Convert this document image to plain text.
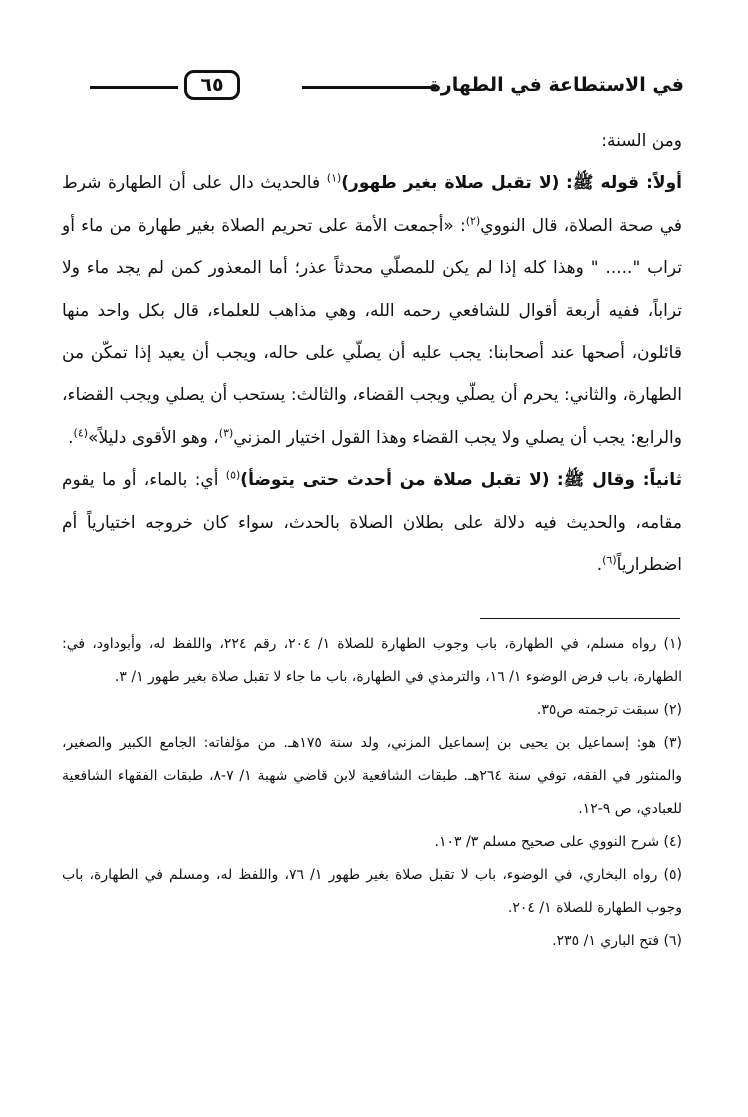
٦٥	في الاستطاعة في الطهارة

ومن السنة:

أولاً: قوله ﷺ: (لا تقبل صلاة بغير طهور)$^{(١)}$ فالحديث دال على أن الطهارة شرط في صحة الصلاة، قال النووي$^{(٢)}$: «أجمعت الأمة على تحريم الصلاة بغير طهارة من ماء أو تراب "..... " وهذا كله إذا لم يكن للمصلّي محدثاً عذر؛ أما المعذور كمن لم يجد ماء ولا تراباً، ففيه أربعة أقوال للشافعي رحمه الله، وهي مذاهب للعلماء، قال بكل واحد منها قائلون، أصحها عند أصحابنا: يجب عليه أن يصلّي على حاله، ويجب أن يعيد إذا تمكّن من الطهارة، والثاني: يحرم أن يصلّي ويجب القضاء، والثالث: يستحب أن يصلي ويجب القضاء، والرابع: يجب أن يصلي ولا يجب القضاء وهذا القول اختيار المزني$^{(٣)}$، وهو الأقوى دليلاً»$^{(٤)}$.

ثانياً: وقال ﷺ: (لا تقبل صلاة من أحدث حتى يتوضأ)$^{(٥)}$ أي: بالماء، أو ما يقوم مقامه، والحديث فيه دلالة على بطلان الصلاة بالحدث، سواء كان خروجه اختيارياً أم اضطرارياً$^{(٦)}$.

(١) رواه مسلم، في الطهارة، باب وجوب الطهارة للصلاة ١/ ٢٠٤، رقم ٢٢٤، واللفظ له، وأبوداود، في: الطهارة، باب فرض الوضوء ١/ ١٦، والترمذي في الطهارة، باب ما جاء لا تقبل صلاة بغير طهور ١/ ٣.

(٢) سبقت ترجمته ص٣٥.

(٣) هو: إسماعيل بن يحيى بن إسماعيل المزني، ولد سنة ١٧٥هـ. من مؤلفاته: الجامع الكبير والصغير، والمنثور في الفقه، توفي سنة ٢٦٤هـ. طبقات الشافعية لابن قاضي شهبة ١/ ٧-٨، طبقات الفقهاء الشافعية للعبادي، ص ٩-١٢.

(٤) شرح النووي على صحيح مسلم ٣/ ١٠٣.

(٥) رواه البخاري، في الوضوء، باب لا تقبل صلاة بغير طهور ١/ ٧٦، واللفظ له، ومسلم في الطهارة، باب وجوب الطهارة للصلاة ١/ ٢٠٤.

(٦) فتح الباري ١/ ٢٣٥.
